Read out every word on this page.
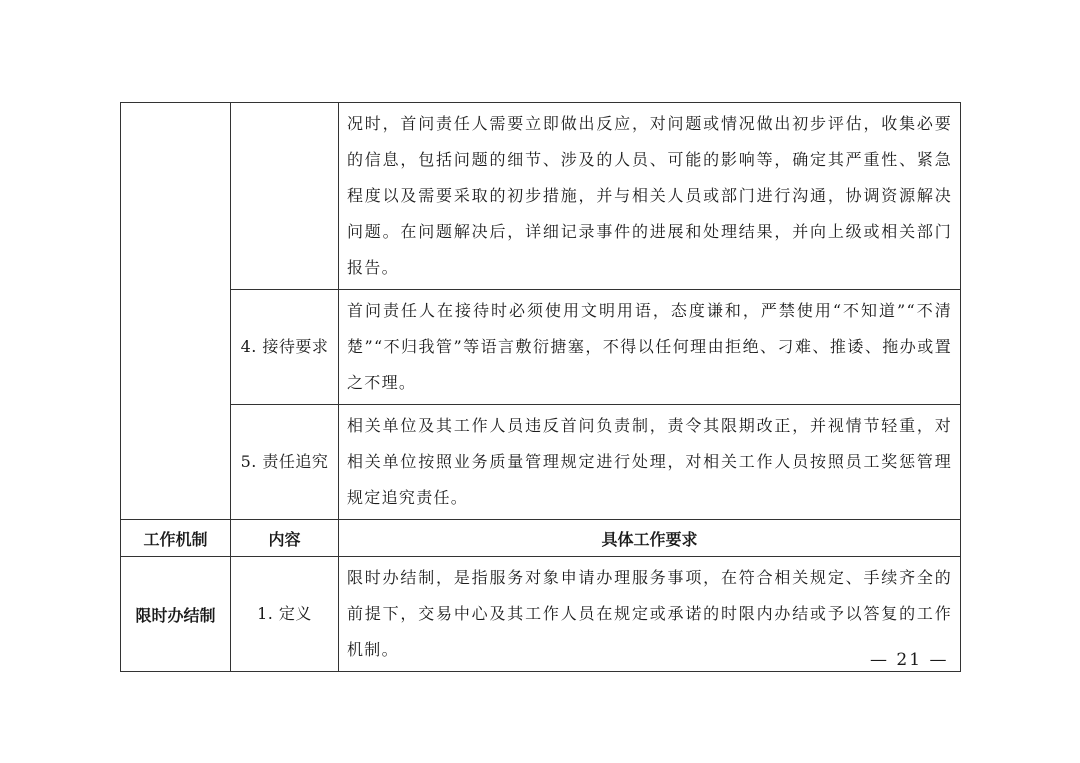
		况时，首问责任人需要立即做出反应，对问题或情况做出初步评估，收集必要的信息，包括问题的细节、涉及的人员、可能的影响等，确定其严重性、紧急程度以及需要采取的初步措施，并与相关人员或部门进行沟通，协调资源解决问题。在问题解决后，详细记录事件的进展和处理结果，并向上级或相关部门报告。

	4. 接待要求	首问责任人在接待时必须使用文明用语，态度谦和，严禁使用“不知道”“不清楚”“不归我管”等语言敷衍搪塞，不得以任何理由拒绝、刁难、推诿、拖办或置之不理。

	5. 责任追究	相关单位及其工作人员违反首问负责制，责令其限期改正，并视情节轻重，对相关单位按照业务质量管理规定进行处理，对相关工作人员按照员工奖惩管理规定追究责任。

工作机制	内容	具体工作要求
限时办结制	1. 定义	限时办结制，是指服务对象申请办理服务事项，在符合相关规定、手续齐全的前提下，交易中心及其工作人员在规定或承诺的时限内办结或予以答复的工作机制。
— 21 —
